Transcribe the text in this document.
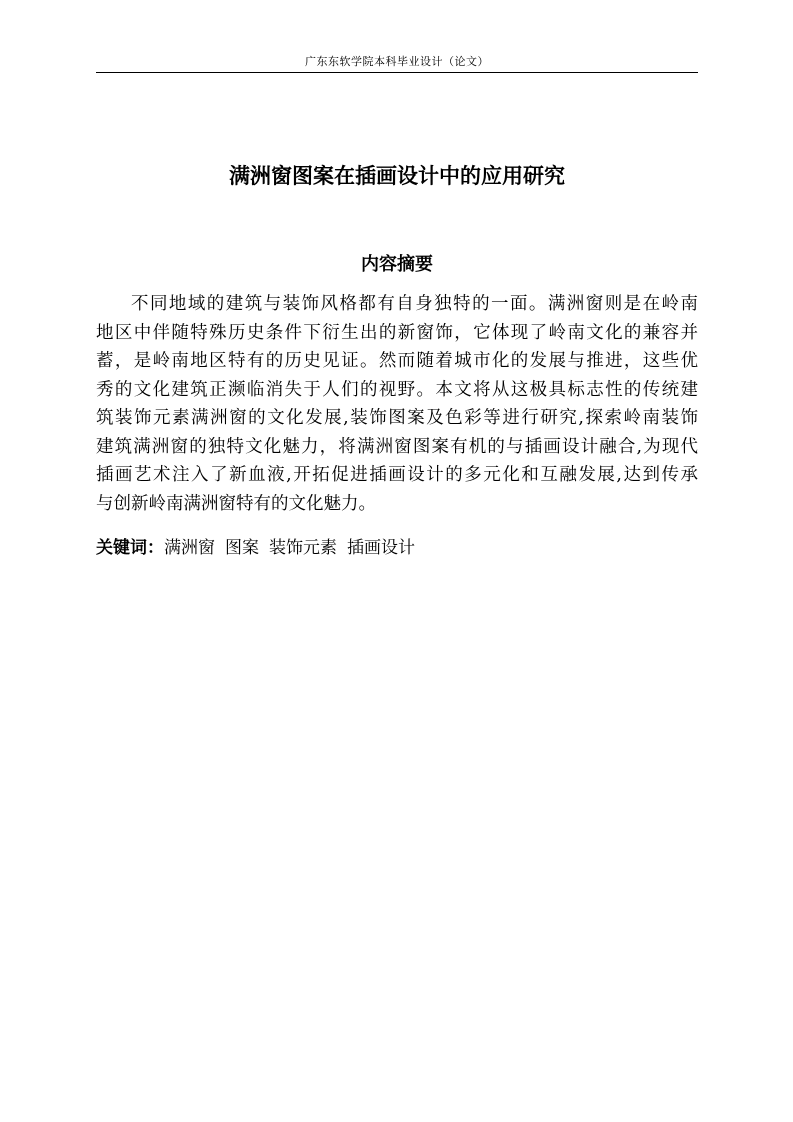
广东东软学院本科毕业设计（论文）
满洲窗图案在插画设计中的应用研究
内容摘要
不同地域的建筑与装饰风格都有自身独特的一面。满洲窗则是在岭南
地区中伴随特殊历史条件下衍生出的新窗饰，它体现了岭南文化的兼容并
蓄，是岭南地区特有的历史见证。然而随着城市化的发展与推进，这些优
秀的文化建筑正濒临消失于人们的视野。本文将从这极具标志性的传统建
筑装饰元素满洲窗的文化发展,装饰图案及色彩等进行研究,探索岭南装饰
建筑满洲窗的独特文化魅力，将满洲窗图案有机的与插画设计融合,为现代
插画艺术注入了新血液,开拓促进插画设计的多元化和互融发展,达到传承
与创新岭南满洲窗特有的文化魅力。
关键词：满洲窗 图案 装饰元素 插画设计
